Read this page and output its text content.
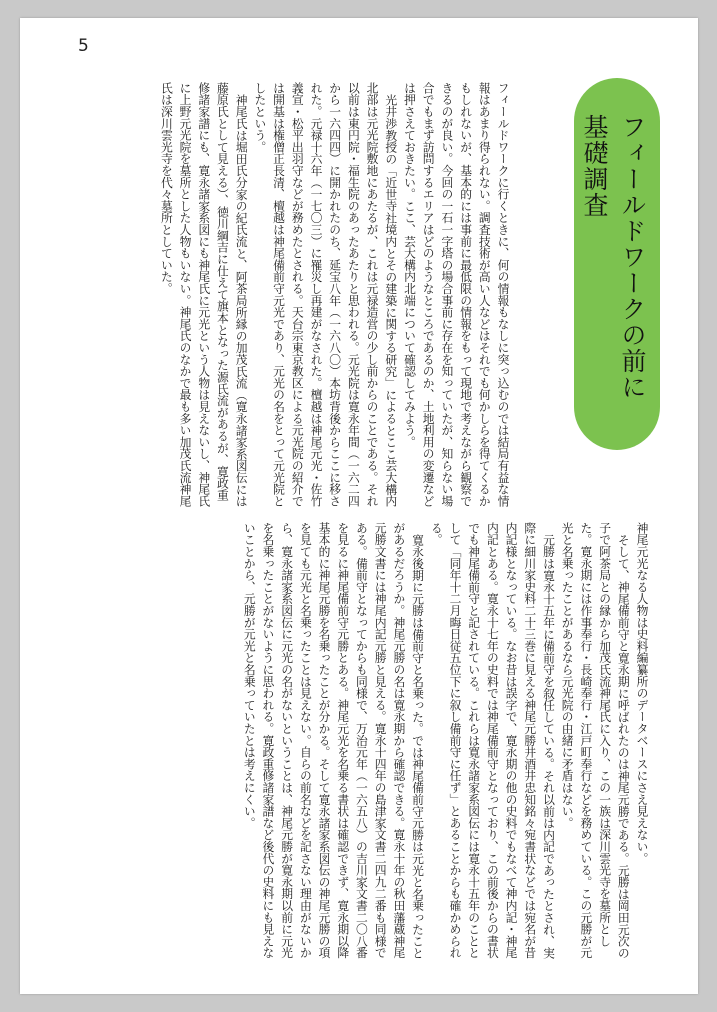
5
フィールドワークの前に
基礎調査

フィールドワークに行くときに、何の情報もなしに突っ込むのでは結局有益な情報はあまり得られない。調査技術が高い人などはそれでも何かしらを得てくるかもしれないが、基本的には事前に最低限の情報をもって現地で考えながら観察できるのが良い。今回の一石一字塔の場合事前に存在を知っていたが、知らない場合でもまず訪問するエリアはどのようなところであるのか、土地利用の変遷などは押さえておきたい。ここ、芸大構内北端について確認してみよう。

光井渉教授の「近世寺社境内とその建築に関する研究」によるとここ芸大構内北部は元光院敷地にあたるが、これは元禄造営の少し前からのことである。それ以前は東円院・福生院のあったあたりと思われる。元光院は寛永年間（一六二四から一六四四）に開かれたのち、延宝八年（一六八〇）本坊背後からここに移された。元禄十六年（一七〇三）に罹災し再建がなされた。檀越は神尾元光・佐竹義宣・松平出羽守などが務めたとされる。天台宗東京教区による元光院の紹介では開基は権僧正長清、檀越は神尾備前守元光であり、元光の名をとって元光院としたという。

神尾氏は堀田氏分家の紀氏流と、阿茶局所縁の加茂氏流（寛永諸家系図伝には藤原氏として見える）、徳川綱吉に仕えて旗本となった源氏流があるが、寛政重修諸家譜にも、寛永諸家系図にも神尾氏に元光という人物は見えないし、神尾氏に上野元光院を墓所とした人物もいない。神尾氏のなかで最も多い加茂氏流神尾氏は深川雲光寺を代々墓所としていた。

神尾元光なる人物は史料編纂所のデータベースにさえ見えない。

そして、神尾備前守と寛永期に呼ばれたのは神尾元勝である。元勝は岡田元次の子で阿茶局との縁から加茂氏流神尾氏に入り、この一族は深川雲光寺を墓所とした。寛永期には作事奉行・長崎奉行・江戸町奉行などを務めている。この元勝が元光と名乗ったことがあるなら元光院の由緒に矛盾はない。

元勝は寛永十五年に備前守を叙任している。それ以前は内記であったとされ、実際に細川家史料二十三巻に見える神尾元勝井酒井忠知銘々宛書状などでは宛名が昔内記様となっている。なお昔は誤字で、寛永期の他の史料でもなべて神内記・神尾内記とある。寛永十七年の史料では神尾備前守となっており、この前後からの書状でも神尾備前守と記されている。これらは寛永諸家系図伝には寛永十五年のこととして「同年十二月晦日従五位下に叙し備前守に任ず」とあることからも確かめられる。

寛永後期に元勝は備前守と名乗った。では神尾備前守元勝は元光と名乗ったことがあるだろうか。神尾元勝の名は寛永期から確認できる。寛永十年の秋田藩蔵神尾元勝文書には神尾内記元勝と見える。寛永十四年の島津家文書二四九二番も同様である。備前守となってからも同様で、万治元年（一六五八）の吉川家文書二〇八番を見るに神尾備前守元勝とある。神尾元光を名乗る書状は確認できず、寛永期以降基本的に神尾元勝を名乗ったことが分かる。そして寛永諸家系図伝の神尾元勝の項を見ても元光と名乗ったことは見えない。自らの前名などを記さない理由がないから、寛永諸家系図伝に元光の名がないということは、神尾元勝が寛永期以前に元光を名乗ったことがないように思われる。寛政重修諸家譜など後代の史料にも見えないことから、元勝が元光と名乗っていたとは考えにくい。
